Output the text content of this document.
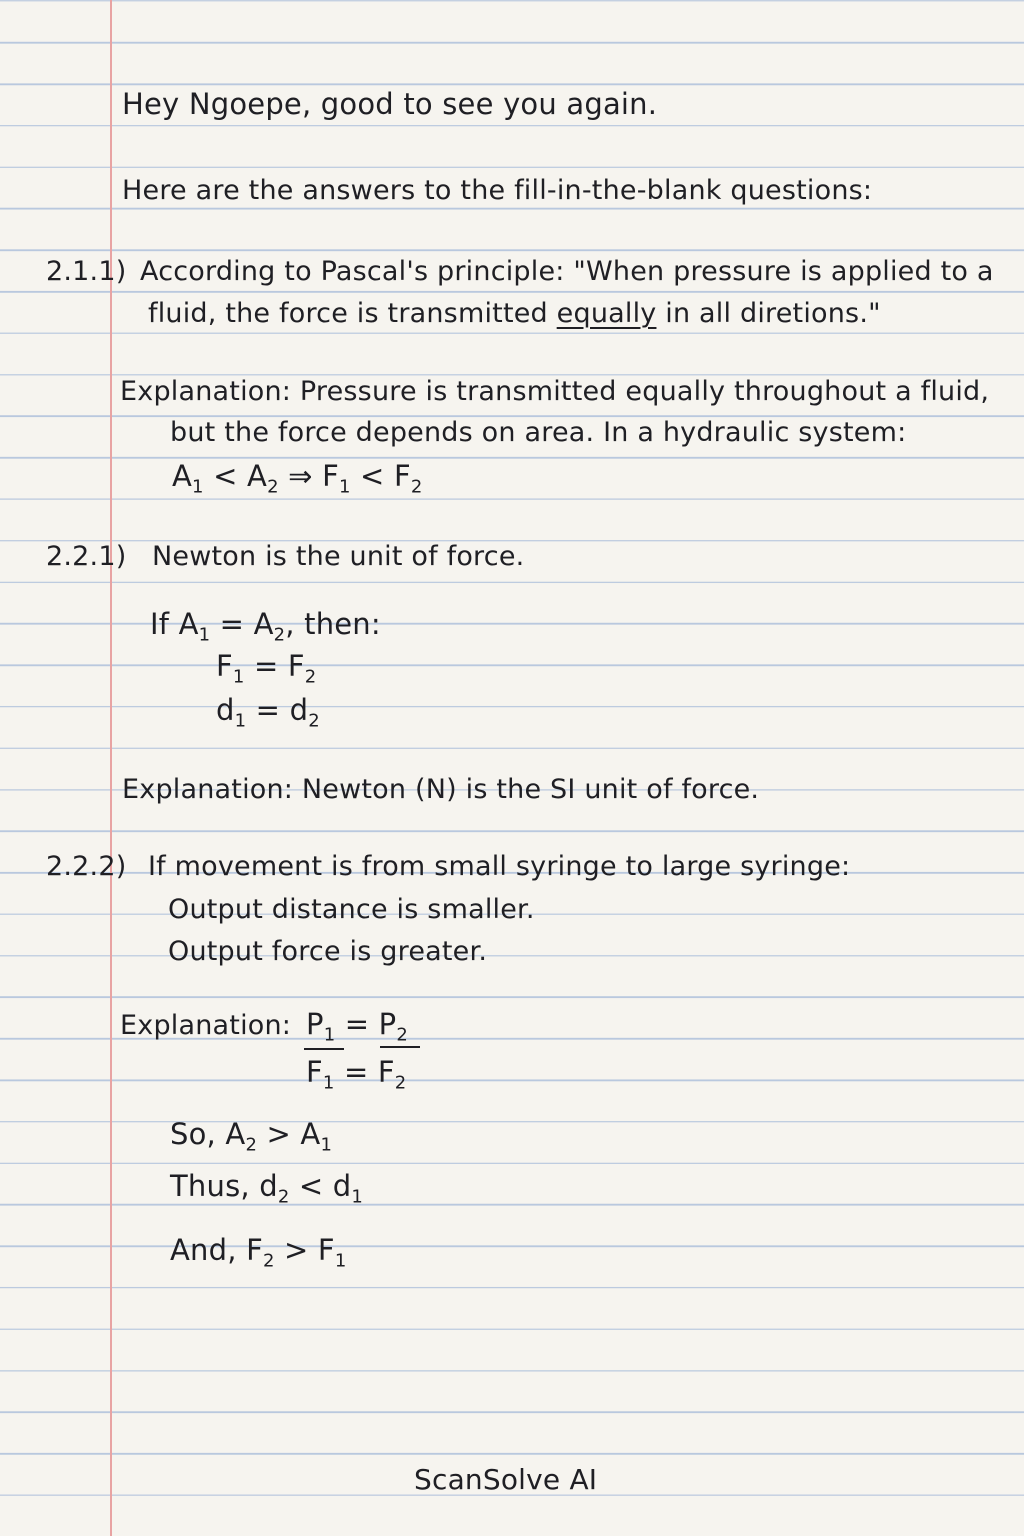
Hey Ngoepe, good to see you again.
Here are the answers to the fill-in-the-blank questions:
2.1.1) According to Pascal's principle: "When pressure is applied to a
fluid, the force is transmitted equally in all diretions."
Explanation: Pressure is transmitted equally throughout a fluid,
but the force depends on area. In a hydraulic system:
$A_1 < A_2$ ⇒ $F_1 < F_2$
2.2.1) Newton is the unit of force.
If $A_1 = A_2$, then:
$F_1 = F_2$
$d_1 = d_2$
Explanation: Newton (N) is the SI unit of force.
2.2.2) If movement is from small syringe to large syringe:
Output distance is smaller.
Output force is greater.
Explanation: $P_1 = P_2$
$F_1 = F_2$
So, $A_2 > A_1$
Thus, $d_2 < d_1$
And, $F_2 > F_1$
ScanSolve AI
